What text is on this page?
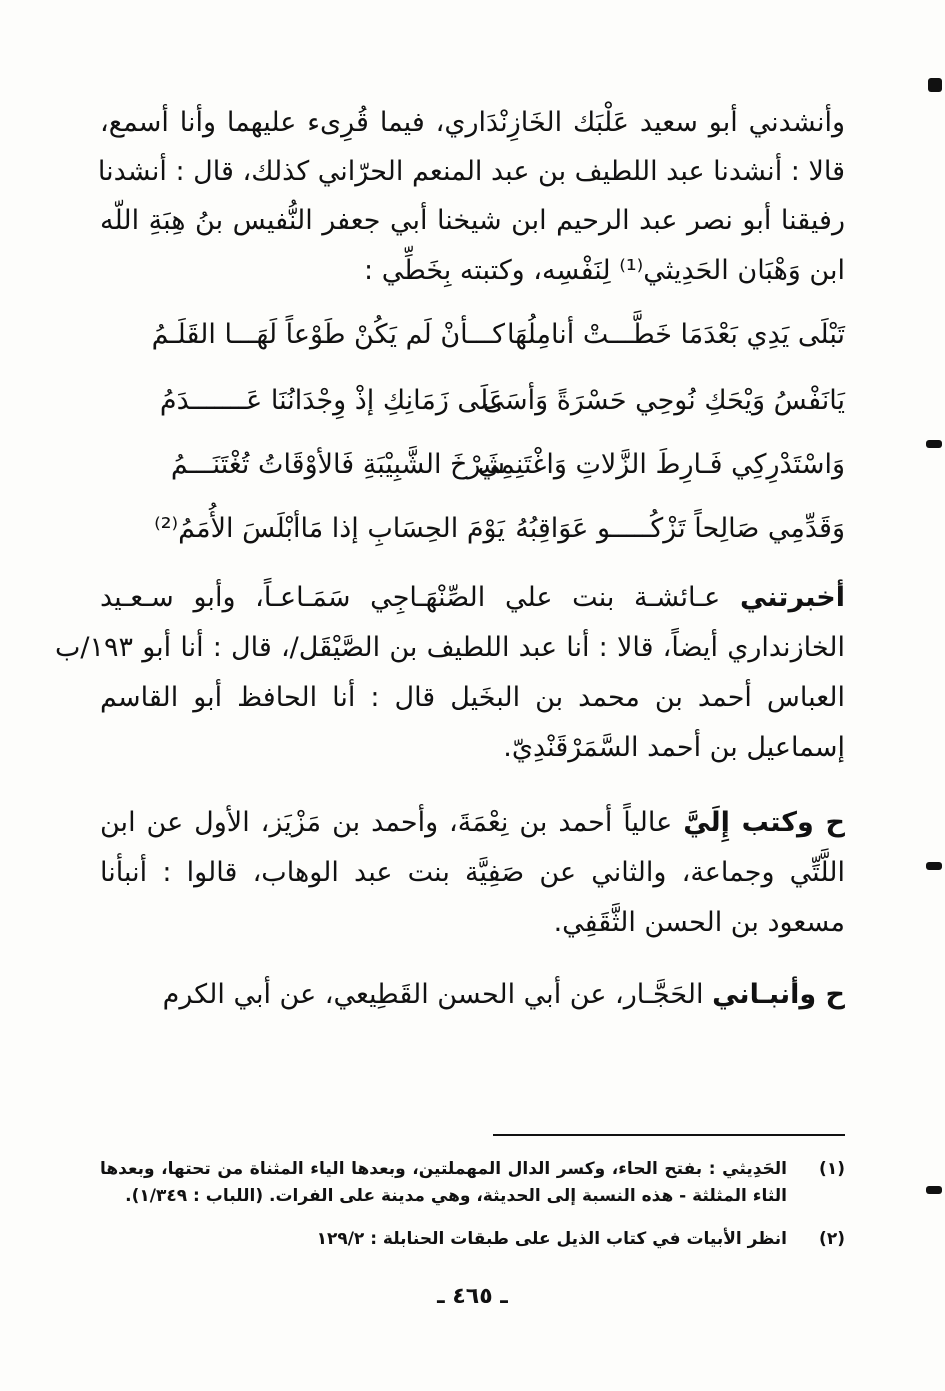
وأنشدني أبو سعيد عَلْبَك الخَازِنْدَاري، فيما قُرِىء عليهما وأنا أسمع،
قالا : أنشدنا عبد اللطيف بن عبد المنعم الحرّاني كذلك، قال : أنشدنا
رفيقنا أبو نصر عبد الرحيم ابن شيخنا أبي جعفر النُّفيس بنُ هِبَةِ اللّه
ابن وَهْبَان الحَدِيثي⁽¹⁾ لِنَفْسِه، وكتبته بِخَطِّي :
تَبْلَى يَدِي بَعْدَمَا خَطَّـــتْ أنامِلُهَا
كـــأنْ لَم يَكُنْ طَوْعاً لَهَـــا القَلَـمُ
يَانَفْسُ وَيْحَكِ نُوحِي حَسْرَةً وَأسَى
عَلَى زَمَانِكِ إذْ وِجْدَانُنَا عَـــــــدَمُ
وَاسْتَدْرِكِي فَـارِطَ الزَّلاتِ وَاغْتَنِمِي
شَرْخَ الشَّبِيْبَةِ فَالأوْقَاتُ تُغْتَنَـــمُ
وَقَدِّمِي صَالِحاً تَزْكُـــــو عَوَاقِبُهُ
يَوْمَ الحِسَابِ إذا مَاأبْلَسَ الأُمَمُ⁽²⁾
أخبرتني عـائشـة بنت علي الصِّنْهَـاجِي سَمَـاعـاً، وأبو سـعـيد
الخازنداري أيضاً، قالا : أنا عبد اللطيف بن الصَّيْقَل/، قال : أنا أبو ١٩٣/ب
العباس أحمد بن محمد بن البخَيل قال : أنا الحافظ أبو القاسم
إسماعيل بن أحمد السَّمَرْقَنْدِيّ.
ح وكتب إِلَيَّ عالياً أحمد بن نِعْمَةَ، وأحمد بن مَزْيَز، الأول عن ابن
اللَّتِّي وجماعة، والثاني عن صَفِيَّة بنت عبد الوهاب، قالوا : أنبأنا
مسعود بن الحسن الثَّقَفِي.
ح وأنبـاني الحَجَّـار، عن أبي الحسن القَطِيعي، عن أبي الكرم
(١)
الحَدِيثي : بفتح الحاء، وكسر الدال المهملتين، وبعدها الياء المثناة من تحتها، وبعدها
الثاء المثلثة - هذه النسبة إلى الحديثة، وهي مدينة على الفرات. (اللباب : ١/٣٤٩).
(٢)
انظر الأبيات في كتاب الذيل على طبقات الحنابلة : ١٢٩/٢
ـ ٤٦٥ ـ
